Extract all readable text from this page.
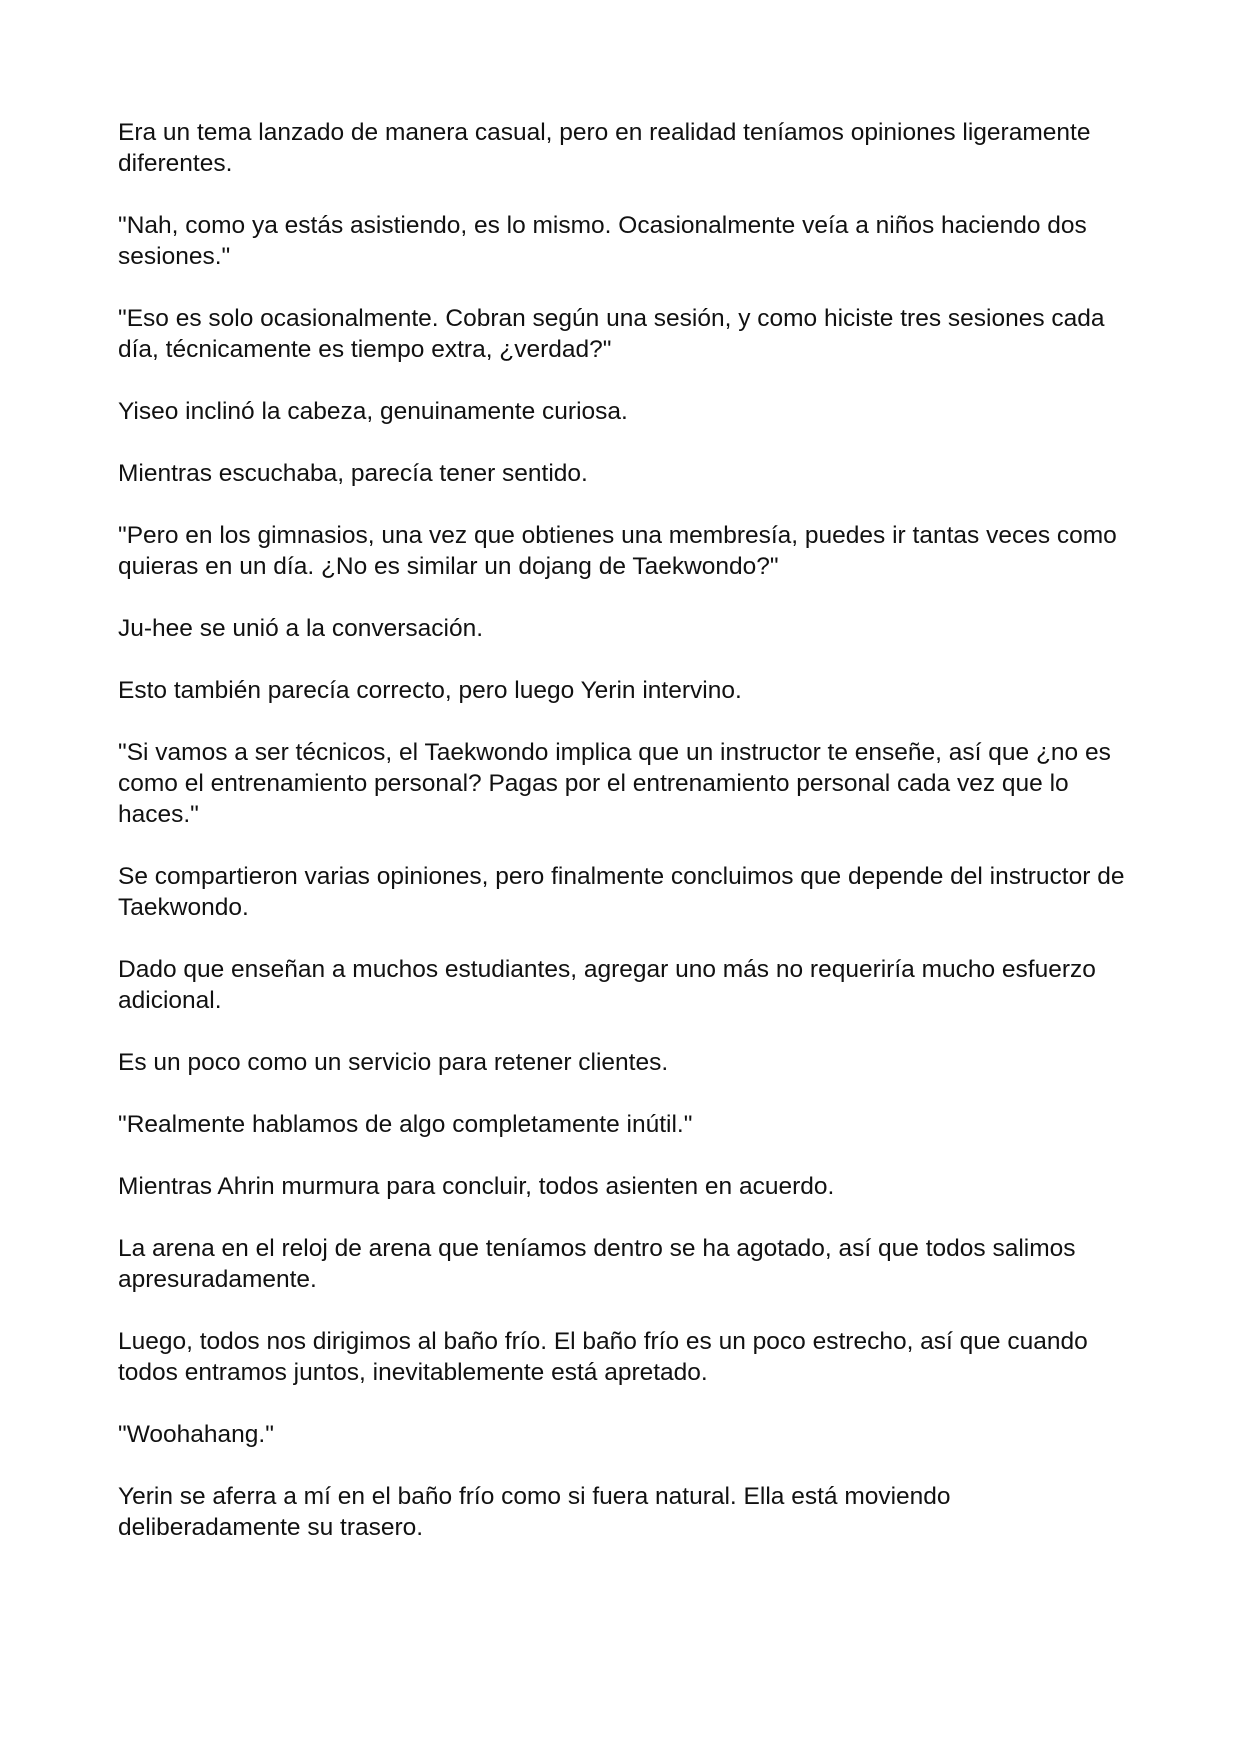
Era un tema lanzado de manera casual, pero en realidad teníamos opiniones ligeramente diferentes.

"Nah, como ya estás asistiendo, es lo mismo. Ocasionalmente veía a niños haciendo dos sesiones."

"Eso es solo ocasionalmente. Cobran según una sesión, y como hiciste tres sesiones cada día, técnicamente es tiempo extra, ¿verdad?"

Yiseo inclinó la cabeza, genuinamente curiosa.

Mientras escuchaba, parecía tener sentido.

"Pero en los gimnasios, una vez que obtienes una membresía, puedes ir tantas veces como quieras en un día. ¿No es similar un dojang de Taekwondo?"

Ju-hee se unió a la conversación.

Esto también parecía correcto, pero luego Yerin intervino.

"Si vamos a ser técnicos, el Taekwondo implica que un instructor te enseñe, así que ¿no es como el entrenamiento personal? Pagas por el entrenamiento personal cada vez que lo haces."

Se compartieron varias opiniones, pero finalmente concluimos que depende del instructor de Taekwondo.

Dado que enseñan a muchos estudiantes, agregar uno más no requeriría mucho esfuerzo adicional.

Es un poco como un servicio para retener clientes.

"Realmente hablamos de algo completamente inútil."

Mientras Ahrin murmura para concluir, todos asienten en acuerdo.

La arena en el reloj de arena que teníamos dentro se ha agotado, así que todos salimos apresuradamente.

Luego, todos nos dirigimos al baño frío. El baño frío es un poco estrecho, así que cuando todos entramos juntos, inevitablemente está apretado.

"Woohahang."

Yerin se aferra a mí en el baño frío como si fuera natural. Ella está moviendo deliberadamente su trasero.
